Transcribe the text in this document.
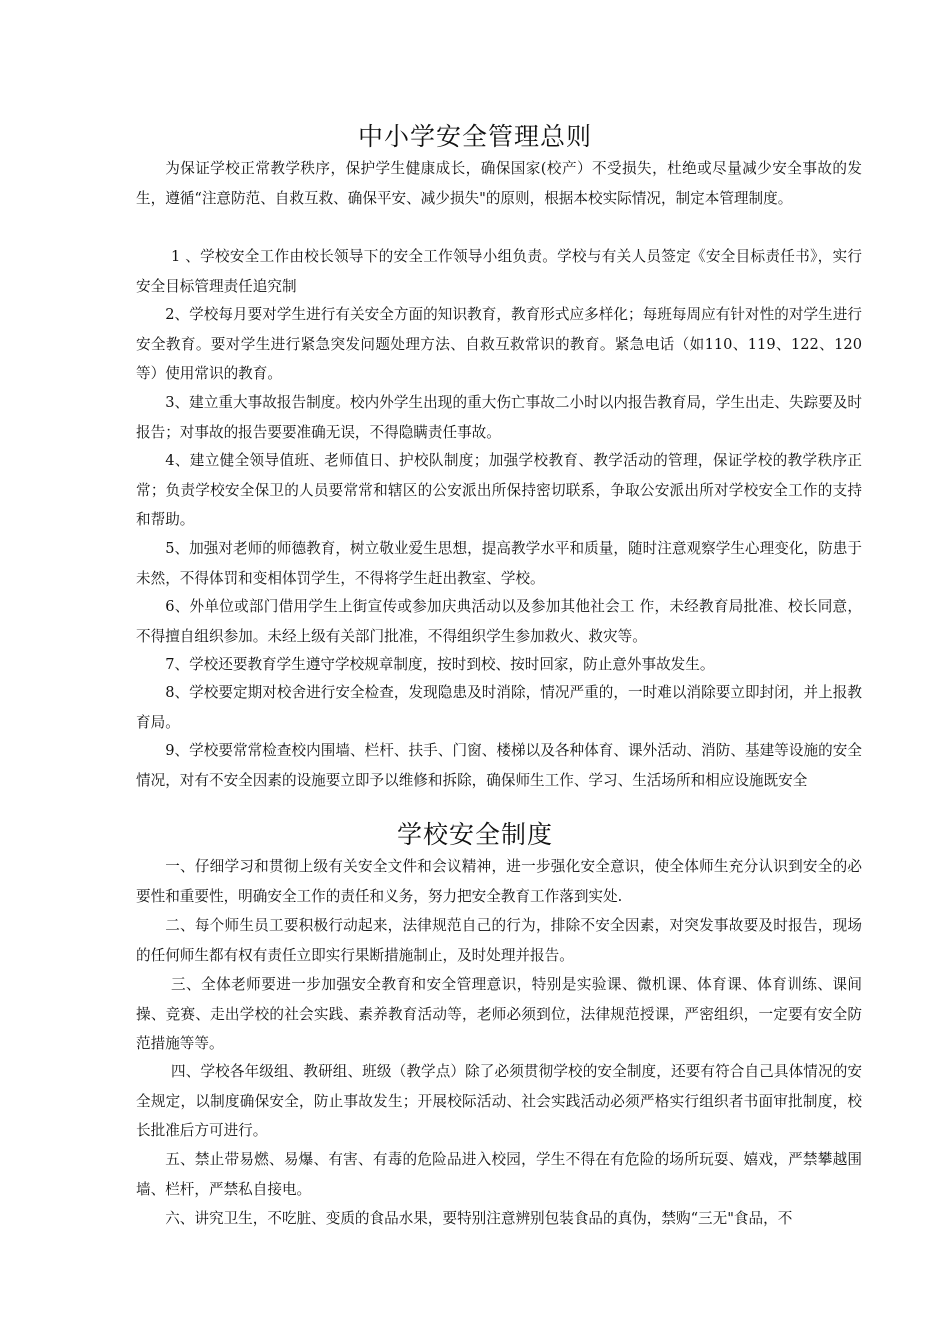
中小学安全管理总则
为保证学校正常教学秩序，保护学生健康成长，确保国家(校产）不受损失，杜绝或尽量减少安全事故的发生，遵循“注意防范、自救互救、确保平安、减少损失"的原则，根据本校实际情况，制定本管理制度。
1 、学校安全工作由校长领导下的安全工作领导小组负责。学校与有关人员签定《安全目标责任书》，实行安全目标管理责任追究制
2、学校每月要对学生进行有关安全方面的知识教育，教育形式应多样化；每班每周应有针对性的对学生进行安全教育。要对学生进行紧急突发问题处理方法、自救互救常识的教育。紧急电话（如110、119、122、120等）使用常识的教育。
3、建立重大事故报告制度。校内外学生出现的重大伤亡事故二小时以内报告教育局，学生出走、失踪要及时报告；对事故的报告要要准确无误，不得隐瞒责任事故。
4、建立健全领导值班、老师值日、护校队制度；加强学校教育、教学活动的管理，保证学校的教学秩序正常；负责学校安全保卫的人员要常常和辖区的公安派出所保持密切联系，争取公安派出所对学校安全工作的支持和帮助。
5、加强对老师的师德教育，树立敬业爱生思想，提高教学水平和质量，随时注意观察学生心理变化，防患于未然，不得体罚和变相体罚学生，不得将学生赶出教室、学校。
6、外单位或部门借用学生上街宣传或参加庆典活动以及参加其他社会工 作，未经教育局批准、校长同意，不得擅自组织参加。未经上级有关部门批准，不得组织学生参加救火、救灾等。
7、学校还要教育学生遵守学校规章制度，按时到校、按时回家，防止意外事故发生。
8、学校要定期对校舍进行安全检查，发现隐患及时消除，情况严重的，一时难以消除要立即封闭，并上报教育局。
9、学校要常常检查校内围墙、栏杆、扶手、门窗、楼梯以及各种体育、课外活动、消防、基建等设施的安全情况，对有不安全因素的设施要立即予以维修和拆除，确保师生工作、学习、生活场所和相应设施既安全
学校安全制度
一、仔细学习和贯彻上级有关安全文件和会议精神，进一步强化安全意识，使全体师生充分认识到安全的必要性和重要性，明确安全工作的责任和义务，努力把安全教育工作落到实处.
二、每个师生员工要积极行动起来，法律规范自己的行为，排除不安全因素，对突发事故要及时报告，现场的任何师生都有权有责任立即实行果断措施制止，及时处理并报告。
三、全体老师要进一步加强安全教育和安全管理意识，特别是实验课、微机课、体育课、体育训练、课间操、竞赛、走出学校的社会实践、素养教育活动等，老师必须到位，法律规范授课，严密组织，一定要有安全防范措施等等。
四、学校各年级组、教研组、班级（教学点）除了必须贯彻学校的安全制度，还要有符合自己具体情况的安全规定，以制度确保安全，防止事故发生；开展校际活动、社会实践活动必须严格实行组织者书面审批制度，校长批准后方可进行。
五、禁止带易燃、易爆、有害、有毒的危险品进入校园，学生不得在有危险的场所玩耍、嬉戏，严禁攀越围墙、栏杆，严禁私自接电。
六、讲究卫生，不吃脏、变质的食品水果，要特别注意辨别包装食品的真伪，禁购“三无"食品，不
